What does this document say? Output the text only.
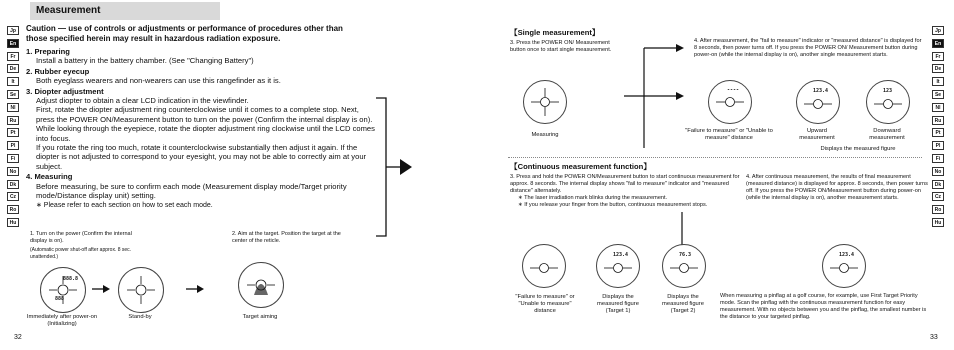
Measurement
Caution — use of controls or adjustments or performance of procedures other than those specified herein may result in hazardous radiation exposure.
1. Preparing
Install a battery in the battery chamber. (See "Changing Battery")
2. Rubber eyecup
Both eyeglass wearers and non-wearers can use this rangefinder as it is.
3. Diopter adjustment
Adjust diopter to obtain a clear LCD indication in the viewfinder.
First, rotate the diopter adjustment ring counterclockwise until it comes to a complete stop. Next, press the POWER ON/Measurement button to turn on the power (Confirm the internal display is on). While looking through the eyepiece, rotate the diopter adjustment ring clockwise until the LCD comes into focus.
If you rotate the ring too much, rotate it counterclockwise substantially then adjust it again. If the diopter is not adjusted to correspond to your eyesight, you may not be able to correctly aim at your subject.
4. Measuring
Before measuring, be sure to confirm each mode (Measurement display mode/Target priority mode/Distance display unit) setting.
∗ Please refer to each section on how to set each mode.
1. Turn on the power (Confirm the internal display is on).
(Automatic power shut-off after approx. 8 sec. unattended.)
2. Aim at the target. Position the target at the center of the reticle.
888.8
888
Immediately after power-on (Initializing)
Stand-by	Target aiming
32
Jp
En
Fr
De
It
Se
Nl
Ru
Pt
Pl
Fi
No
Dk
Cz
Ro
Hu
Jp
En
Fr
De
It
Se
Nl
Ru
Pt
Pl
Fi
No
Dk
Cz
Ro
Hu
【Single measurement】
3. Press the POWER ON/ Measurement button once to start single measurement.
4. After measurement, the "fail to measure" indicator or "measured distance" is displayed for 8 seconds, then power turns off. If you press the POWER ON/ Measurement button during power-on (while the internal display is on), another single measurement starts.
----	123.4	123
Measuring
"Failure to measure" or "Unable to measure" distance
Upward measurement
Downward measurement
Displays the measured figure
【Continuous measurement function】
3. Press and hold the POWER ON/Measurement button to start continuous measurement for approx. 8 seconds. The internal display shows "fail to measure" indicator and "measured distance" alternately.
∗ The laser irradiation mark blinks during the measurement.
∗ If you release your finger from the button, continuous measurement stops.
4. After continuous measurement, the results of final measurement (measured distance) is displayed for approx. 8 seconds, then power turns off. If you press the POWER ON/Measurement button during power-on (while the internal display is on), another measurement starts.
123.4	76.3	123.4
"Failure to measure" or "Unable to measure" distance
Displays the measured figure (Target 1)
Displays the measured figure (Target 2)
When measuring a pinflag at a golf course, for example, use First Target Priority mode. Scan the pinflag with the continuous measurement function for easy measurement. With no objects between you and the pinflag, the smallest number is the distance to your targeted pinflag.
33
